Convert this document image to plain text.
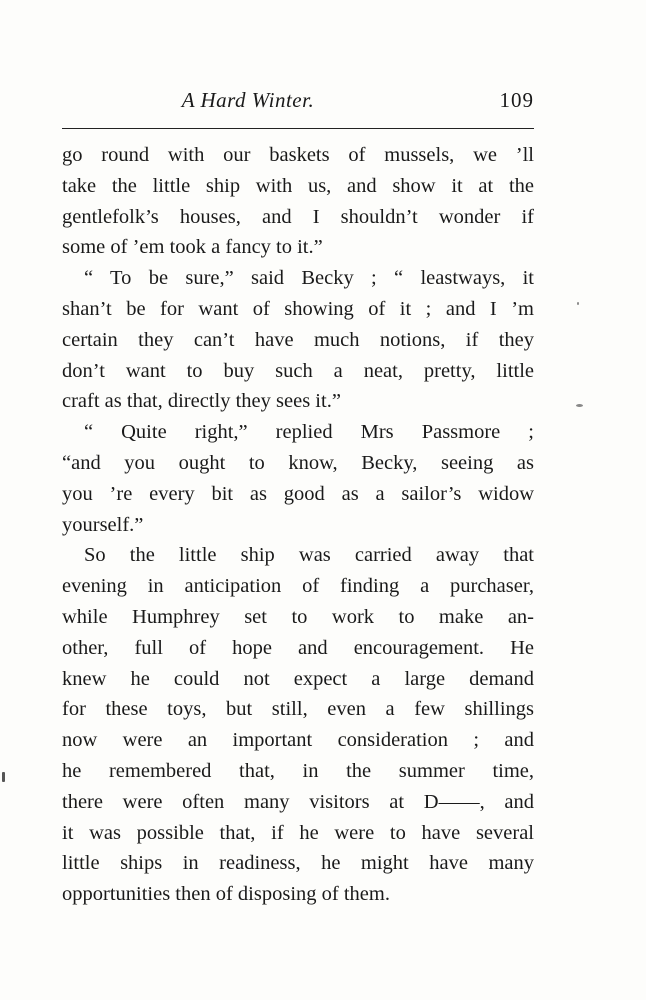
A Hard Winter.	109
go round with our baskets of mussels, we ’ll
take the little ship with us, and show it at the
gentlefolk’s houses, and I shouldn’t wonder if
some of ’em took a fancy to it.”
“ To be sure,” said Becky ; “ leastways, it
shan’t be for want of showing of it ; and I ’m
certain they can’t have much notions, if they
don’t want to buy such a neat, pretty, little
craft as that, directly they sees it.”
“ Quite right,” replied Mrs Passmore ;
“and you ought to know, Becky, seeing as
you ’re every bit as good as a sailor’s widow
yourself.”
So the little ship was carried away that
evening in anticipation of finding a purchaser,
while Humphrey set to work to make an-
other, full of hope and encouragement. He
knew he could not expect a large demand
for these toys, but still, even a few shillings
now were an important consideration ; and
he remembered that, in the summer time,
there were often many visitors at D——, and
it was possible that, if he were to have several
little ships in readiness, he might have many
opportunities then of disposing of them.
